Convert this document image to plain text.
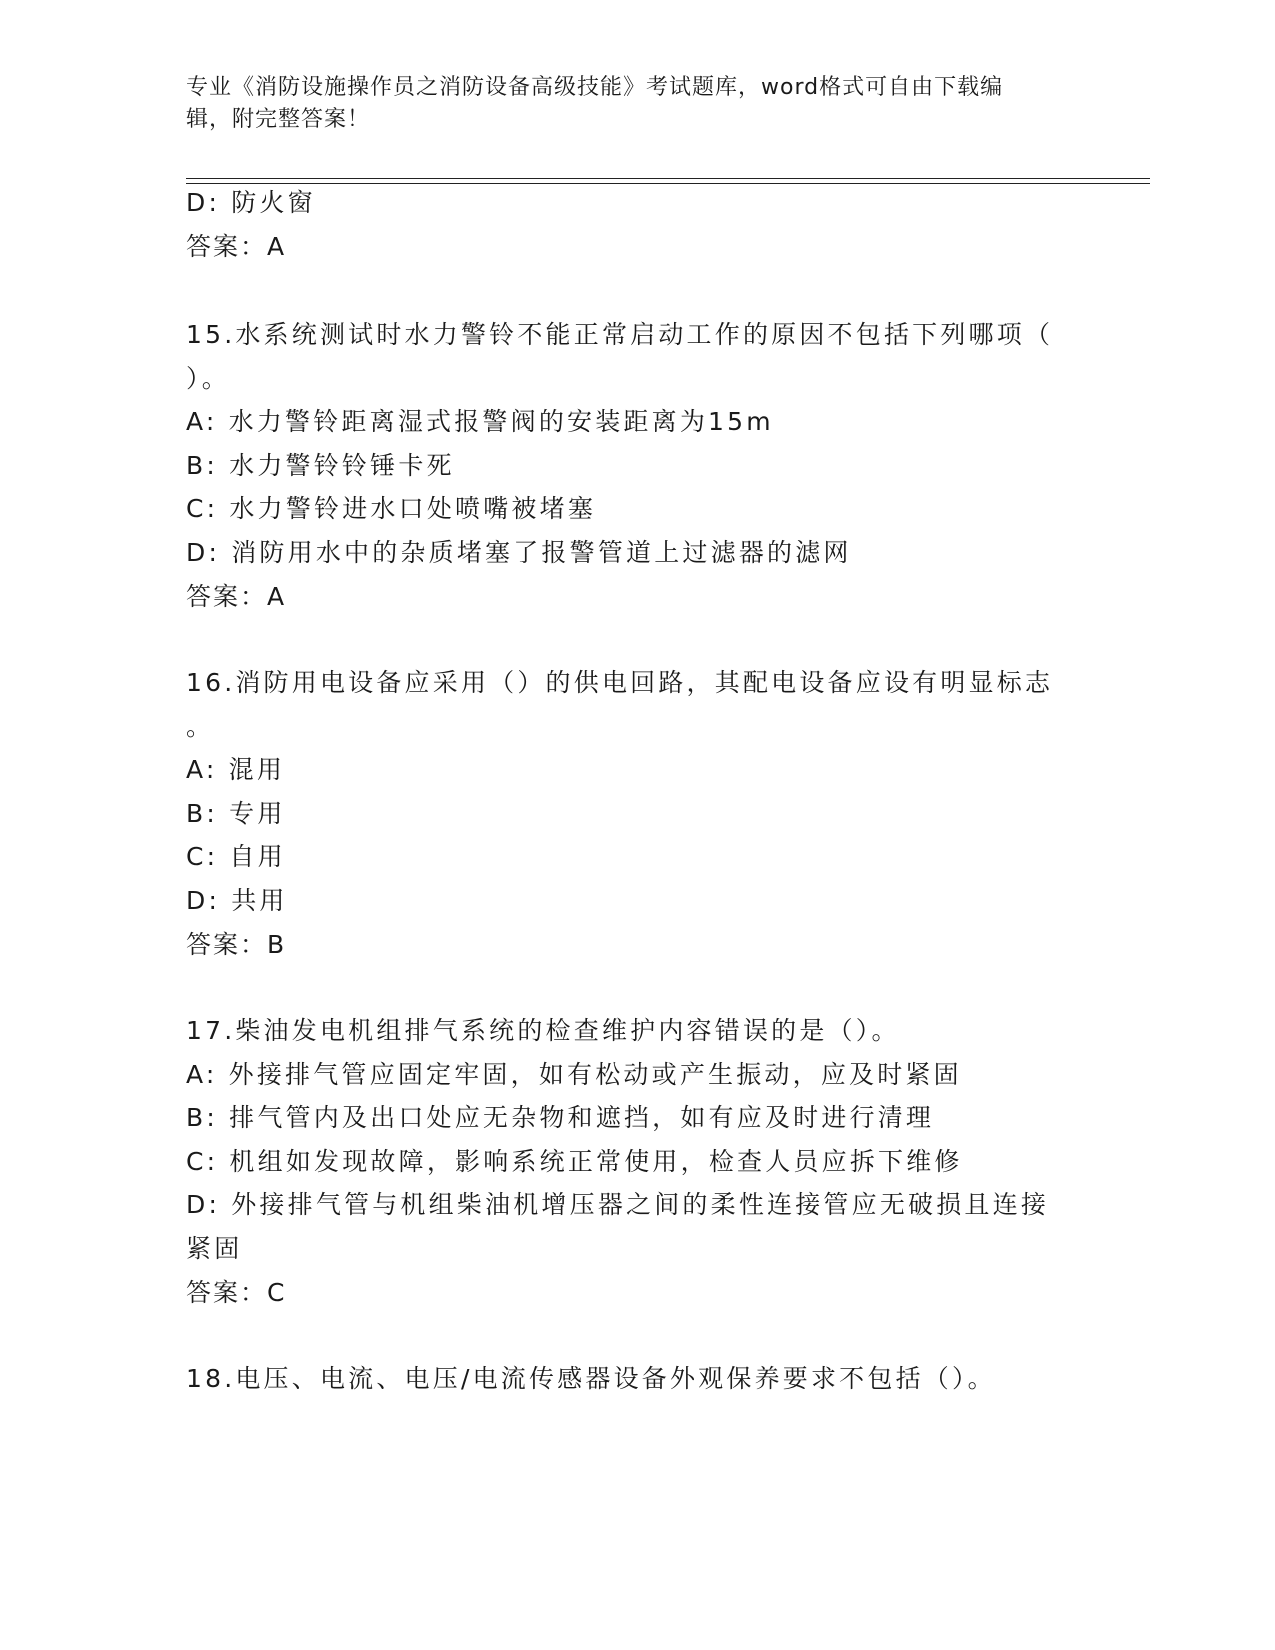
专业《消防设施操作员之消防设备高级技能》考试题库，word格式可自由下载编
辑，附完整答案！
D: 防火窗
答案：A
15.水系统测试时水力警铃不能正常启动工作的原因不包括下列哪项（
）。
A: 水力警铃距离湿式报警阀的安装距离为15m
B: 水力警铃铃锤卡死
C: 水力警铃进水口处喷嘴被堵塞
D: 消防用水中的杂质堵塞了报警管道上过滤器的滤网
答案：A
16.消防用电设备应采用（）的供电回路，其配电设备应设有明显标志
。
A: 混用
B: 专用
C: 自用
D: 共用
答案：B
17.柴油发电机组排气系统的检查维护内容错误的是（）。
A: 外接排气管应固定牢固，如有松动或产生振动，应及时紧固
B: 排气管内及出口处应无杂物和遮挡，如有应及时进行清理
C: 机组如发现故障，影响系统正常使用，检查人员应拆下维修
D: 外接排气管与机组柴油机增压器之间的柔性连接管应无破损且连接
紧固
答案：C
18.电压、电流、电压/电流传感器设备外观保养要求不包括（）。
